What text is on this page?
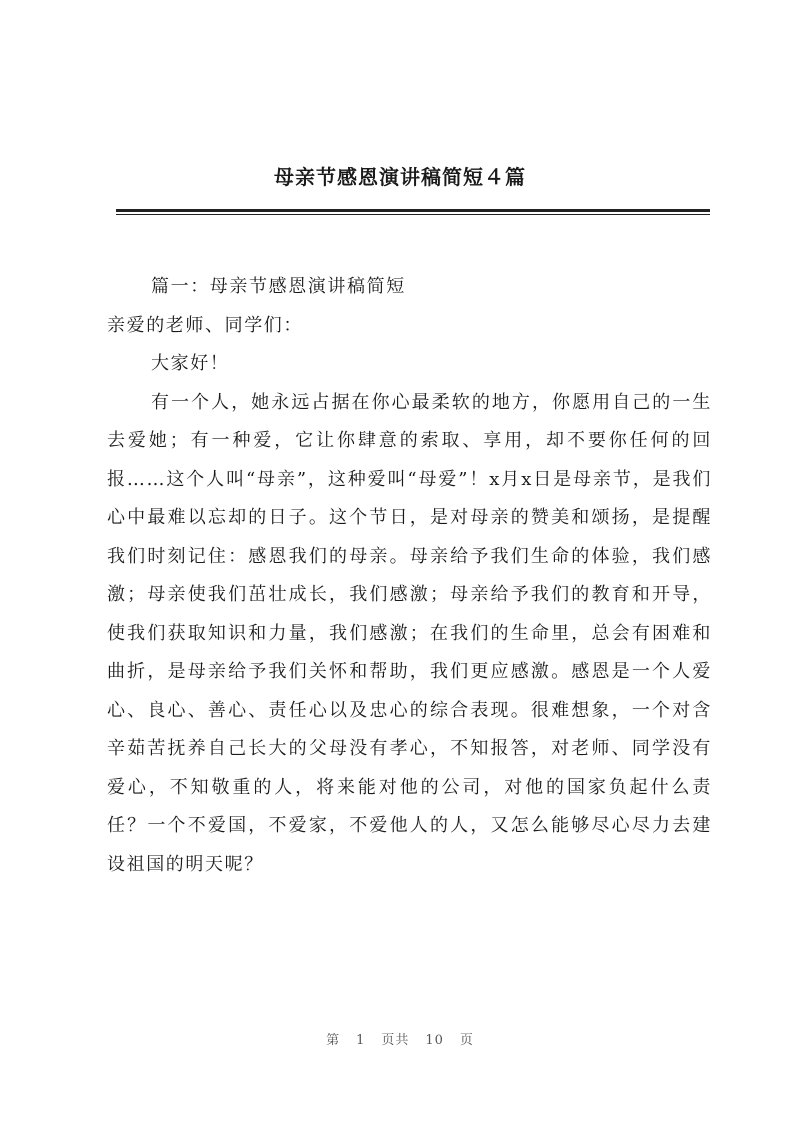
母亲节感恩演讲稿简短４篇

篇一：母亲节感恩演讲稿简短

亲爱的老师、同学们：

大家好！

有一个人，她永远占据在你心最柔软的地方，你愿用自己的一生去爱她；有一种爱，它让你肆意的索取、享用，却不要你任何的回报……这个人叫“母亲”，这种爱叫“母爱”！x月x日是母亲节，是我们心中最难以忘却的日子。这个节日，是对母亲的赞美和颂扬，是提醒我们时刻记住：感恩我们的母亲。母亲给予我们生命的体验，我们感激；母亲使我们茁壮成长，我们感激；母亲给予我们的教育和开导，使我们获取知识和力量，我们感激；在我们的生命里，总会有困难和曲折，是母亲给予我们关怀和帮助，我们更应感激。感恩是一个人爱心、良心、善心、责任心以及忠心的综合表现。很难想象，一个对含辛茹苦抚养自己长大的父母没有孝心，不知报答，对老师、同学没有爱心，不知敬重的人，将来能对他的公司，对他的国家负起什么责任？一个不爱国，不爱家，不爱他人的人，又怎么能够尽心尽力去建设祖国的明天呢？

第 1 页共 10 页
